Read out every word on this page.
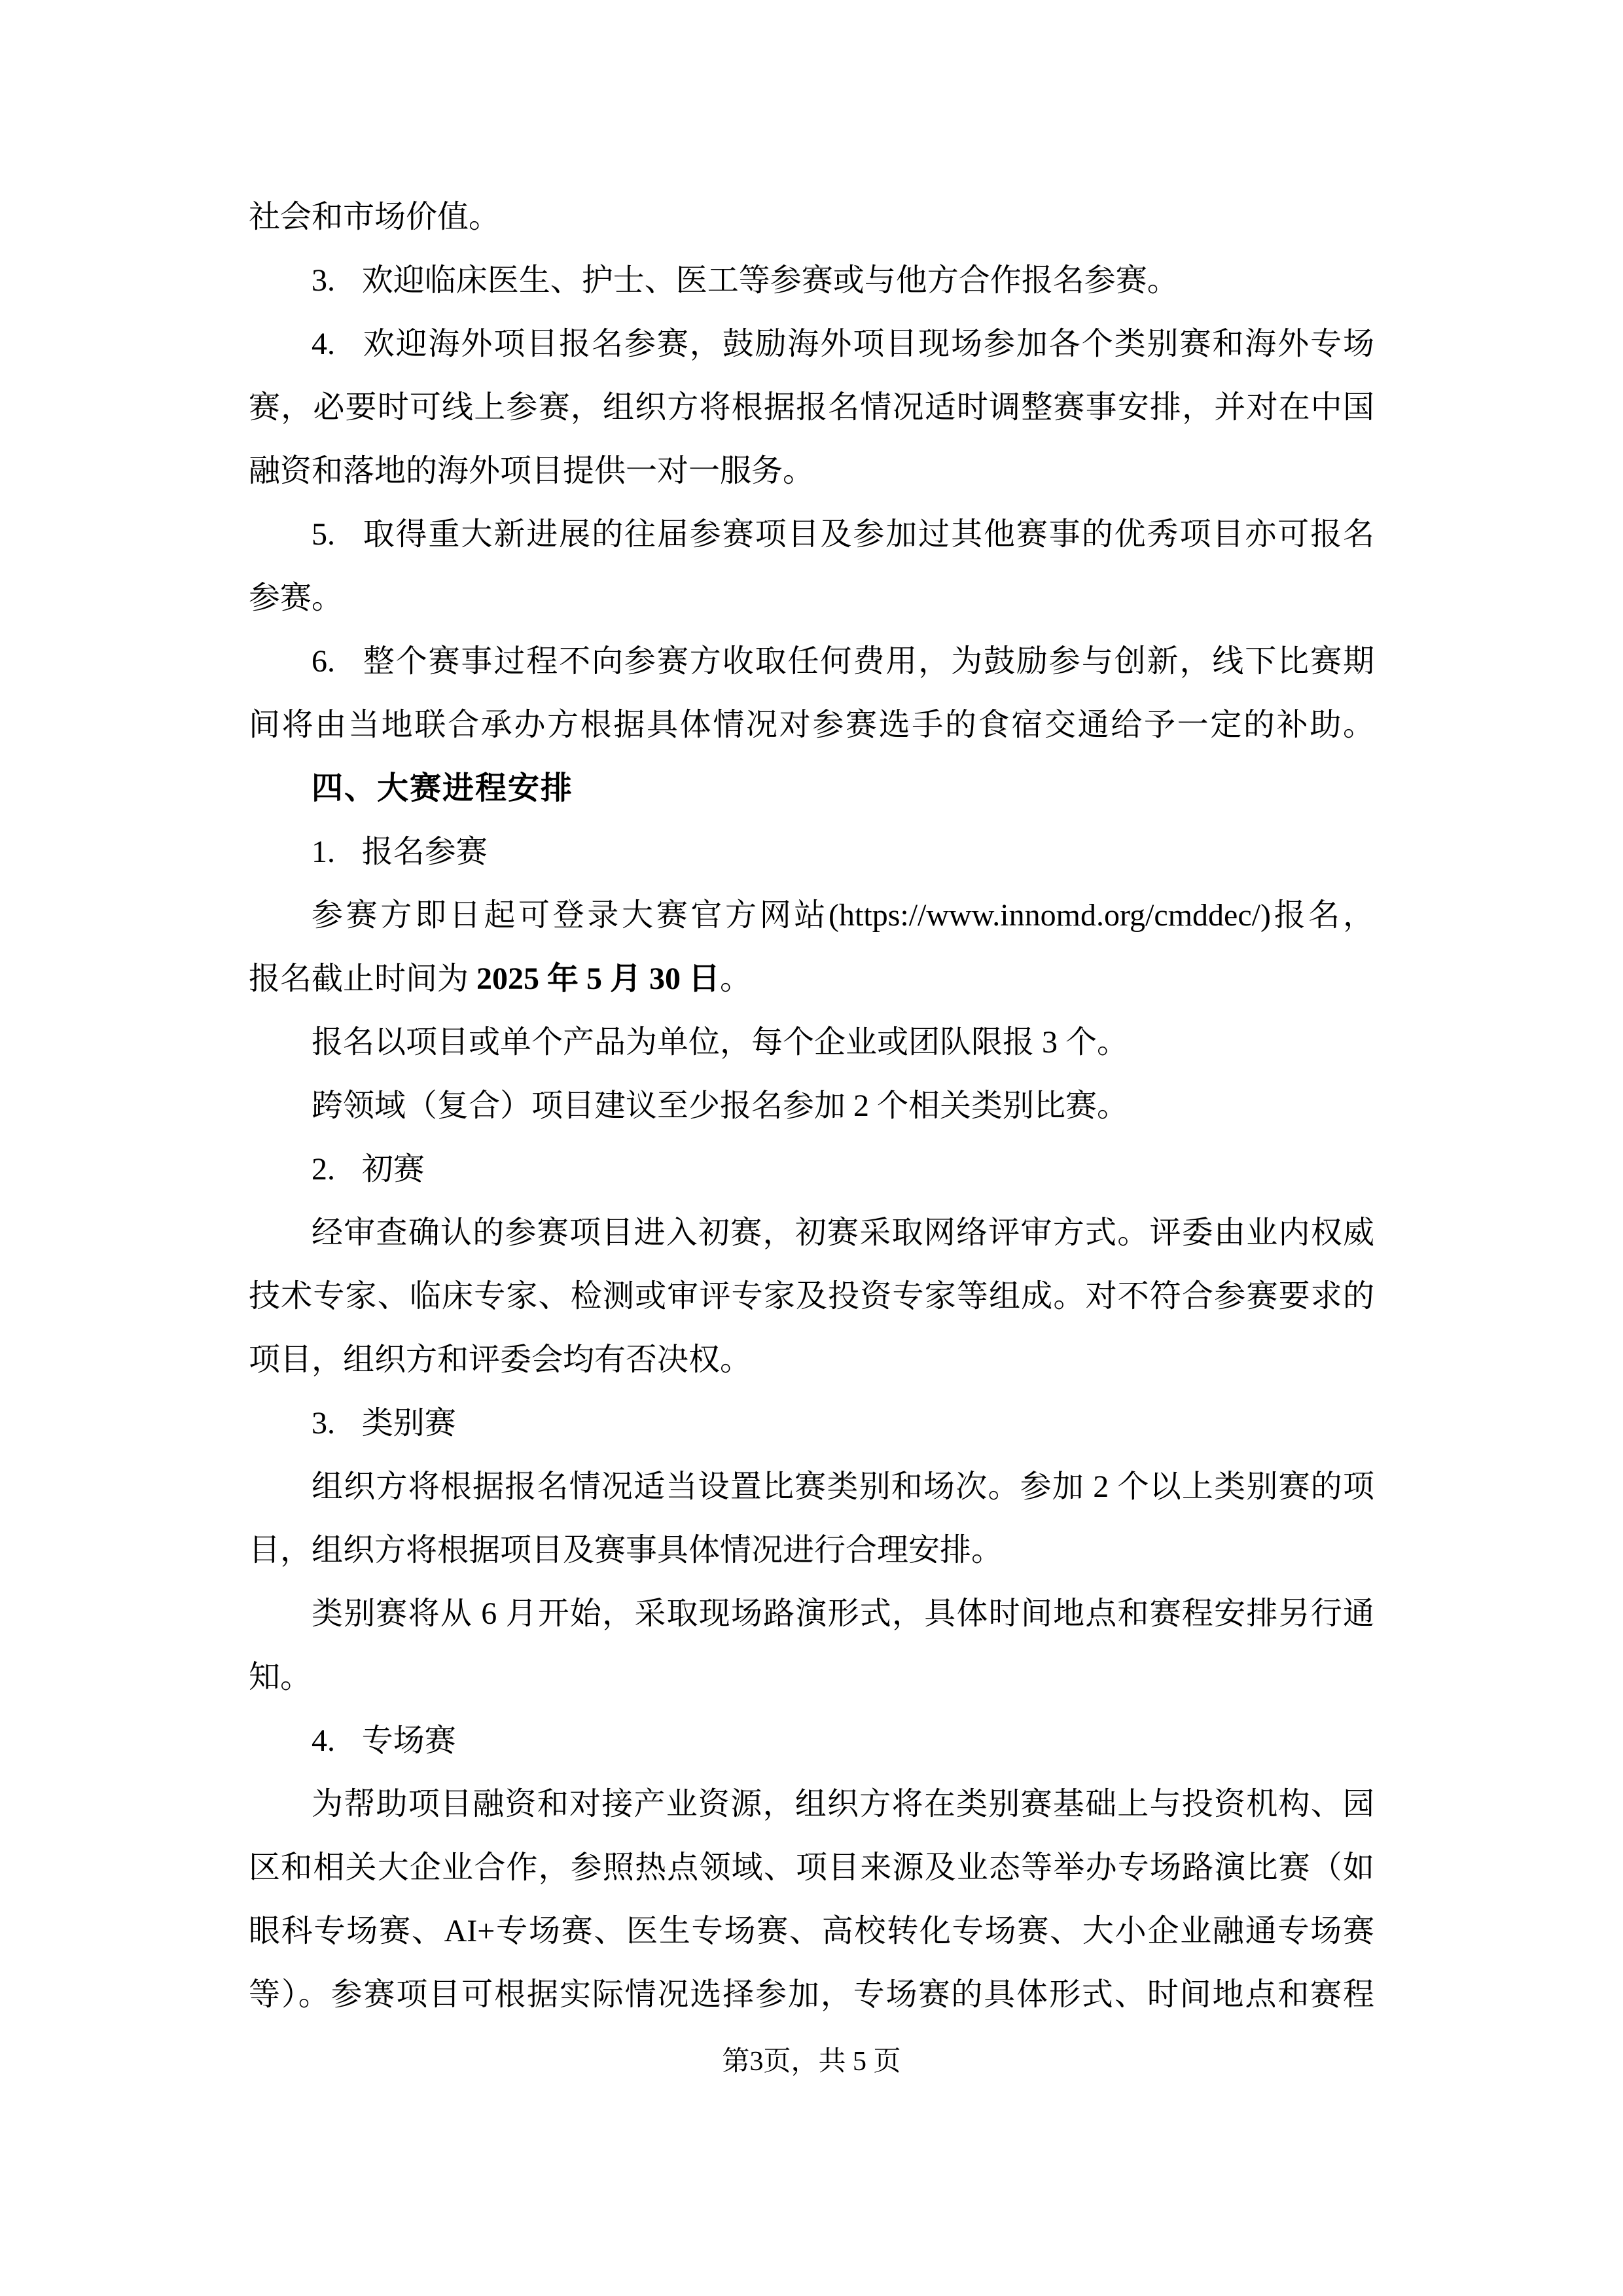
社会和市场价值。
3. 欢迎临床医生、护士、医工等参赛或与他方合作报名参赛。
4. 欢迎海外项目报名参赛，鼓励海外项目现场参加各个类别赛和海外专场
赛，必要时可线上参赛，组织方将根据报名情况适时调整赛事安排，并对在中国
融资和落地的海外项目提供一对一服务。
5. 取得重大新进展的往届参赛项目及参加过其他赛事的优秀项目亦可报名
参赛。
6. 整个赛事过程不向参赛方收取任何费用，为鼓励参与创新，线下比赛期
间将由当地联合承办方根据具体情况对参赛选手的食宿交通给予一定的补助。
四、大赛进程安排
1. 报名参赛
参赛方即日起可登录大赛官方网站(https://www.innomd.org/cmddec/)报名，
报名截止时间为 2025 年 5 月 30 日。
报名以项目或单个产品为单位，每个企业或团队限报 3 个。
跨领域（复合）项目建议至少报名参加 2 个相关类别比赛。
2. 初赛
经审查确认的参赛项目进入初赛，初赛采取网络评审方式。评委由业内权威
技术专家、临床专家、检测或审评专家及投资专家等组成。对不符合参赛要求的
项目，组织方和评委会均有否决权。
3. 类别赛
组织方将根据报名情况适当设置比赛类别和场次。参加 2 个以上类别赛的项
目，组织方将根据项目及赛事具体情况进行合理安排。
类别赛将从 6 月开始，采取现场路演形式，具体时间地点和赛程安排另行通
知。
4. 专场赛
为帮助项目融资和对接产业资源，组织方将在类别赛基础上与投资机构、园
区和相关大企业合作，参照热点领域、项目来源及业态等举办专场路演比赛（如
眼科专场赛、AI+专场赛、医生专场赛、高校转化专场赛、大小企业融通专场赛
等）。参赛项目可根据实际情况选择参加，专场赛的具体形式、时间地点和赛程
第3页，共 5 页
